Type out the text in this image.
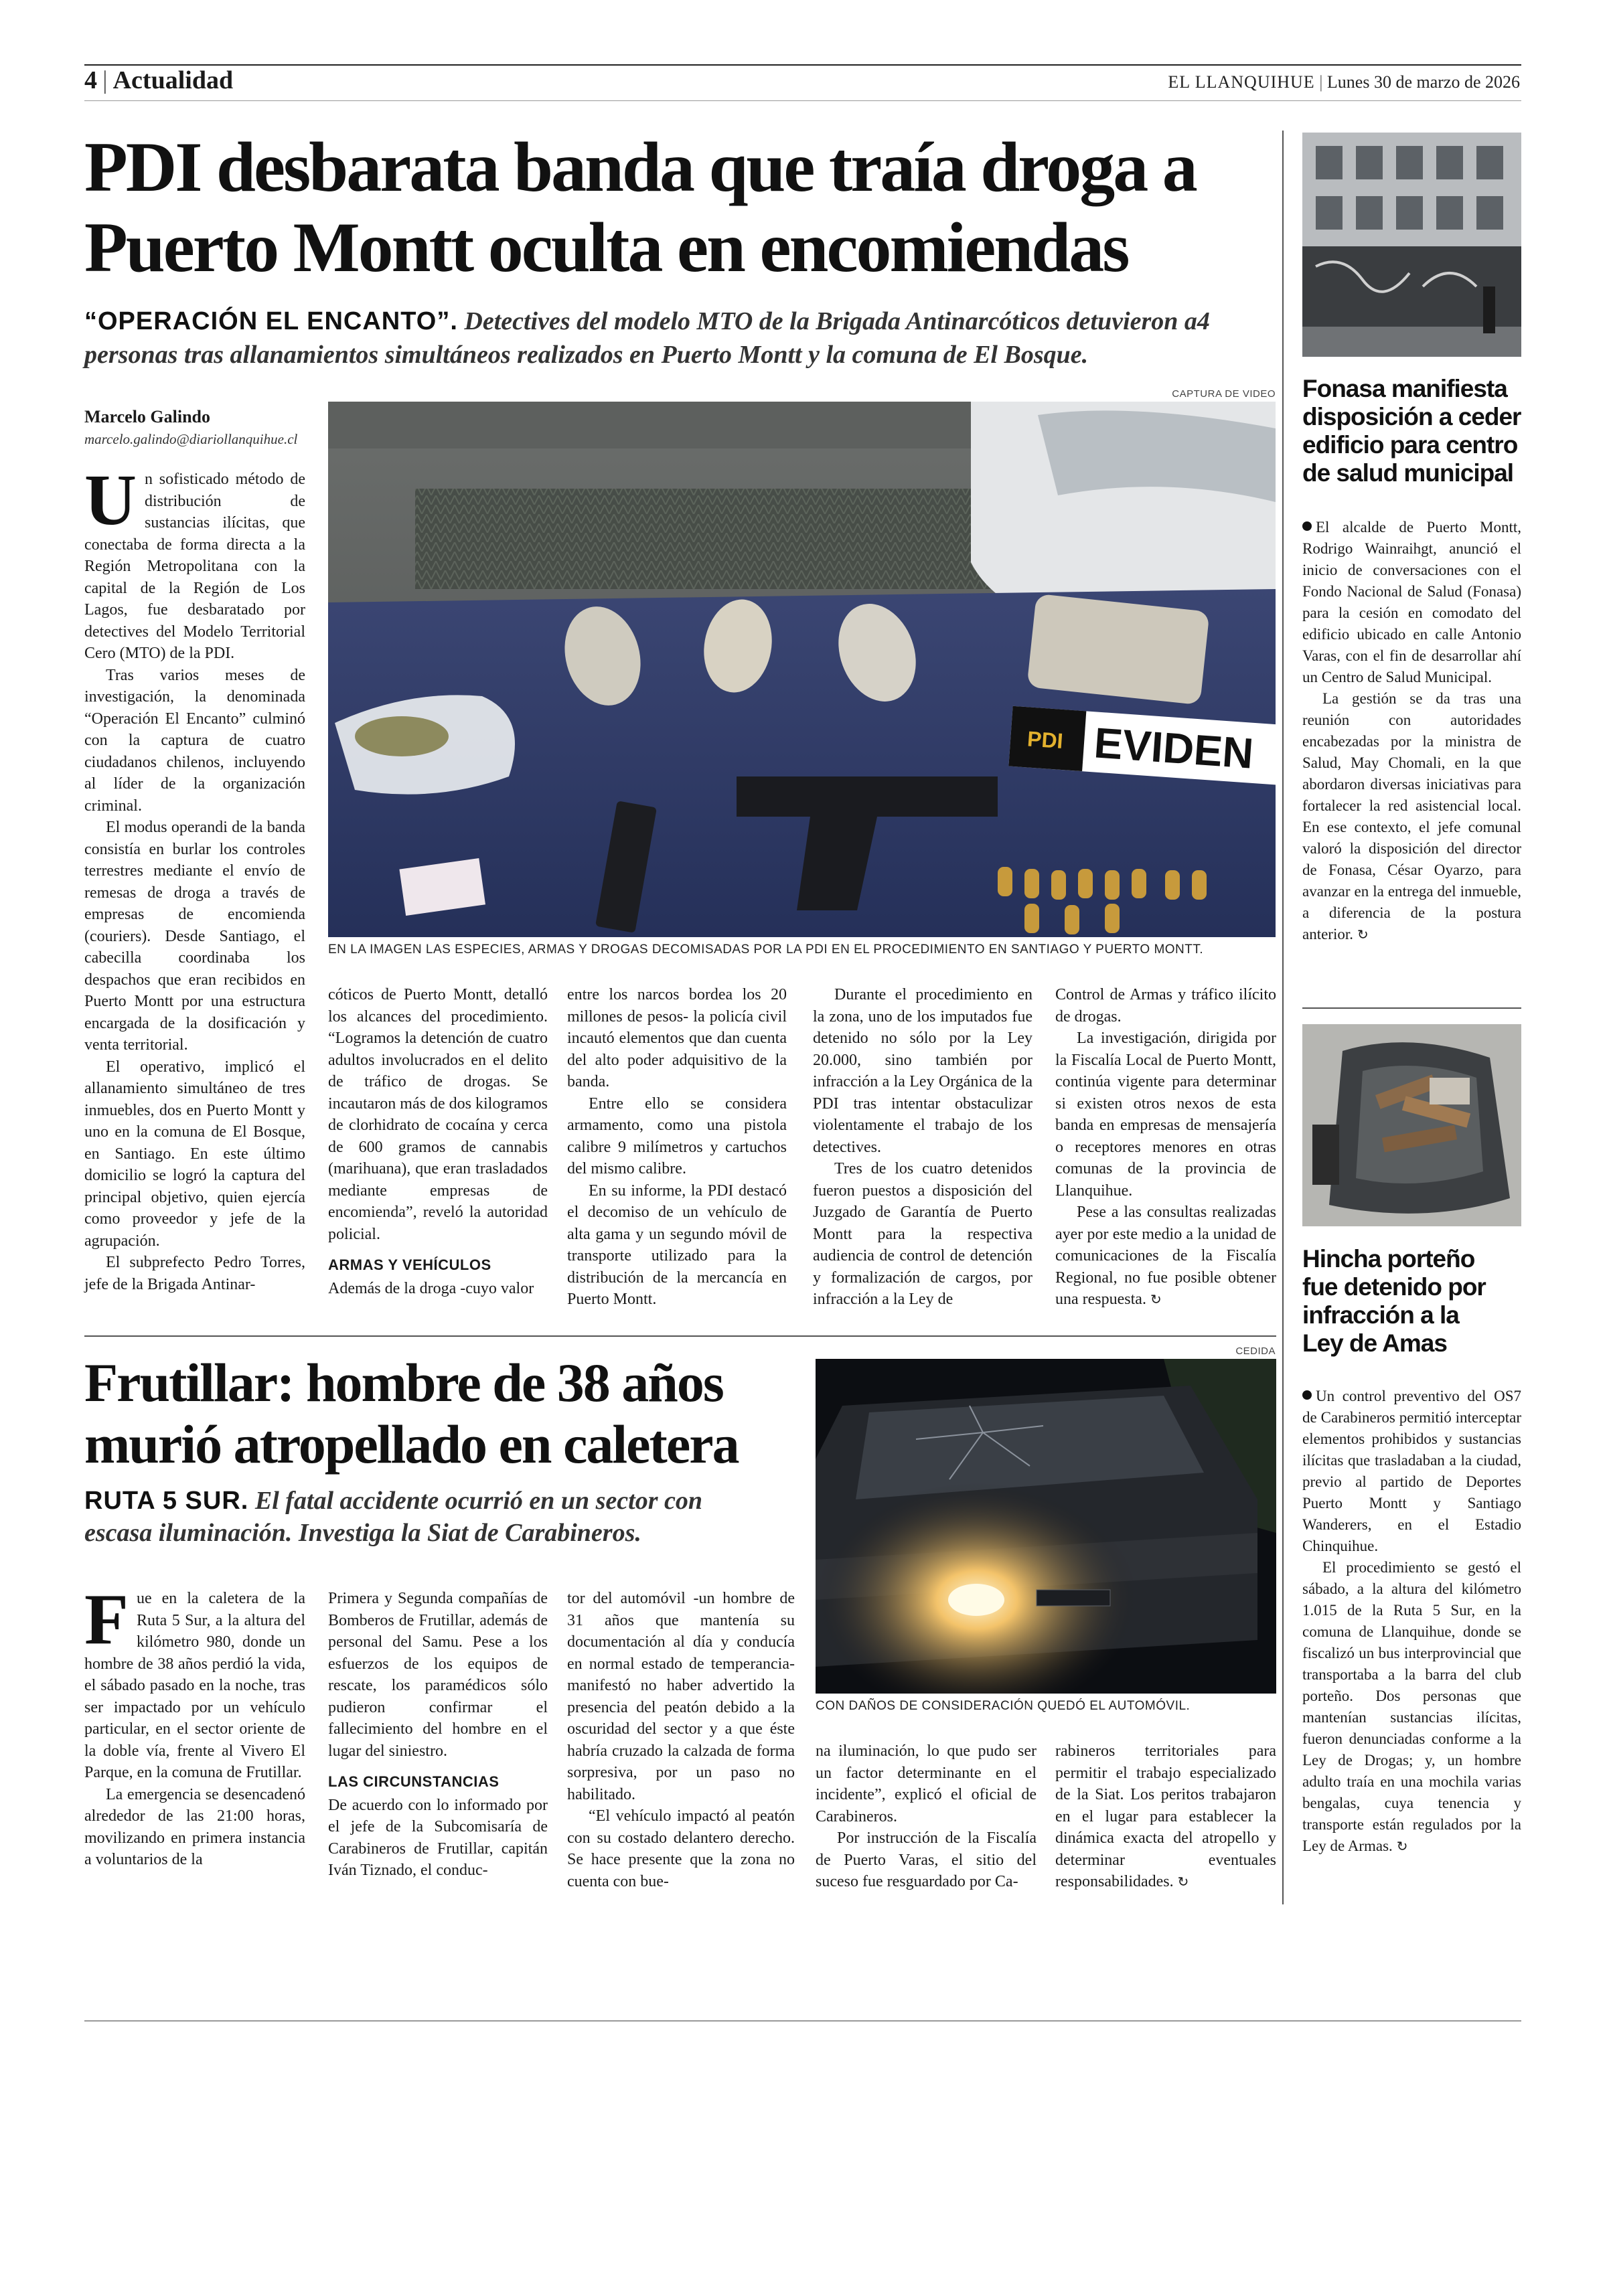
4 | Actualidad	EL LLANQUIHUE | Lunes 30 de marzo de 2026
PDI desbarata banda que traía droga a
Puerto Montt oculta en encomiendas
“OPERACIÓN EL ENCANTO”. Detectives del modelo MTO de la Brigada Antinarcóticos detuvieron a4
personas tras allanamientos simultáneos realizados en Puerto Montt y la comuna de El Bosque.
Marcelo Galindo
marcelo.galindo@diariollanquihue.cl
CAPTURA DE VIDEO
PDI EVIDEN
EN LA IMAGEN LAS ESPECIES, ARMAS Y DROGAS DECOMISADAS POR LA PDI EN EL PROCEDIMIENTO EN SANTIAGO Y PUERTO MONTT.
U n sofisticado método de distribución de sustancias ilícitas, que conectaba de forma directa a la Región Metropolitana con la capital de la Región de Los Lagos, fue desbaratado por detectives del Modelo Territorial Cero (MTO) de la PDI.

Tras varios meses de investigación, la denominada “Operación El Encanto” culminó con la captura de cuatro ciudadanos chilenos, incluyendo al líder de la organización criminal.

El modus operandi de la banda consistía en burlar los controles terrestres mediante el envío de remesas de droga a través de empresas de encomienda (couriers). Desde Santiago, el cabecilla coordinaba los despachos que eran recibidos en Puerto Montt por una estructura encargada de la dosificación y venta territorial.

El operativo, implicó el allanamiento simultáneo de tres inmuebles, dos en Puerto Montt y uno en la comuna de El Bosque, en Santiago. En este último domicilio se logró la captura del principal objetivo, quien ejercía como proveedor y jefe de la agrupación.

El subprefecto Pedro Torres, jefe de la Brigada Antinar-

cóticos de Puerto Montt, detalló los alcances del procedimiento. “Logramos la detención de cuatro adultos involucrados en el delito de tráfico de drogas. Se incautaron más de dos kilogramos de clorhidrato de cocaína y cerca de 600 gramos de cannabis (marihuana), que eran trasladados mediante empresas de encomienda”, reveló la autoridad policial.

ARMAS Y VEHÍCULOS

Además de la droga -cuyo valor

entre los narcos bordea los 20 millones de pesos- la policía civil incautó elementos que dan cuenta del alto poder adquisitivo de la banda.

Entre ello se considera armamento, como una pistola calibre 9 milímetros y cartuchos del mismo calibre.

En su informe, la PDI destacó el decomiso de un vehículo de alta gama y un segundo móvil de transporte utilizado para la distribución de la mercancía en Puerto Montt.

Durante el procedimiento en la zona, uno de los imputados fue detenido no sólo por la Ley 20.000, sino también por infracción a la Ley Orgánica de la PDI tras intentar obstaculizar violentamente el trabajo de los detectives.

Tres de los cuatro detenidos fueron puestos a disposición del Juzgado de Garantía de Puerto Montt para la respectiva audiencia de control de detención y formalización de cargos, por infracción a la Ley de

Control de Armas y tráfico ilícito de drogas.

La investigación, dirigida por la Fiscalía Local de Puerto Montt, continúa vigente para determinar si existen otros nexos de esta banda en empresas de mensajería o receptores menores en otras comunas de la provincia de Llanquihue.

Pese a las consultas realizadas ayer por este medio a la unidad de comunicaciones de la Fiscalía Regional, no fue posible obtener una respuesta. ↻

Frutillar: hombre de 38 años
murió atropellado en caletera
RUTA 5 SUR. El fatal accidente ocurrió en un sector con
escasa iluminación. Investiga la Siat de Carabineros.
CEDIDA
CON DAÑOS DE CONSIDERACIÓN QUEDÓ EL AUTOMÓVIL.
F ue en la caletera de la Ruta 5 Sur, a la altura del kilómetro 980, donde un hombre de 38 años perdió la vida, el sábado pasado en la noche, tras ser impactado por un vehículo particular, en el sector oriente de la doble vía, frente al Vivero El Parque, en la comuna de Frutillar.

La emergencia se desencadenó alrededor de las 21:00 horas, movilizando en primera instancia a voluntarios de la

Primera y Segunda compañías de Bomberos de Frutillar, además de personal del Samu. Pese a los esfuerzos de los equipos de rescate, los paramédicos sólo pudieron confirmar el fallecimiento del hombre en el lugar del siniestro.

LAS CIRCUNSTANCIAS

De acuerdo con lo informado por el jefe de la Subcomisaría de Carabineros de Frutillar, capitán Iván Tiznado, el conduc-

tor del automóvil -un hombre de 31 años que mantenía su documentación al día y conducía en normal estado de temperancia- manifestó no haber advertido la presencia del peatón debido a la oscuridad del sector y a que éste habría cruzado la calzada de forma sorpresiva, por un paso no habilitado.

“El vehículo impactó al peatón con su costado delantero derecho. Se hace presente que la zona no cuenta con bue-

na iluminación, lo que pudo ser un factor determinante en el incidente”, explicó el oficial de Carabineros.

Por instrucción de la Fiscalía de Puerto Varas, el sitio del suceso fue resguardado por Ca-

rabineros territoriales para permitir el trabajo especializado de la Siat. Los peritos trabajaron en el lugar para establecer la dinámica exacta del atropello y determinar eventuales responsabilidades. ↻

Fonasa manifiesta
disposición a ceder
edificio para centro
de salud municipal

El alcalde de Puerto Montt, Rodrigo Wainraihgt, anunció el inicio de conversaciones con el Fondo Nacional de Salud (Fonasa) para la cesión en comodato del edificio ubicado en calle Antonio Varas, con el fin de desarrollar ahí un Centro de Salud Municipal.

La gestión se da tras una reunión con autoridades encabezadas por la ministra de Salud, May Chomali, en la que abordaron diversas iniciativas para fortalecer la red asistencial local. En ese contexto, el jefe comunal valoró la disposición del director de Fonasa, César Oyarzo, para avanzar en la entrega del inmueble, a diferencia de la postura anterior. ↻

Hincha porteño
fue detenido por
infracción a la
Ley de Amas

Un control preventivo del OS7 de Carabineros permitió interceptar elementos prohibidos y sustancias ilícitas que trasladaban a la ciudad, previo al partido de Deportes Puerto Montt y Santiago Wanderers, en el Estadio Chinquihue.

El procedimiento se gestó el sábado, a la altura del kilómetro 1.015 de la Ruta 5 Sur, en la comuna de Llanquihue, donde se fiscalizó un bus interprovincial que transportaba a la barra del club porteño. Dos personas que mantenían sustancias ilícitas, fueron denunciadas conforme a la Ley de Drogas; y, un hombre adulto traía en una mochila varias bengalas, cuya tenencia y transporte están regulados por la Ley de Armas. ↻
